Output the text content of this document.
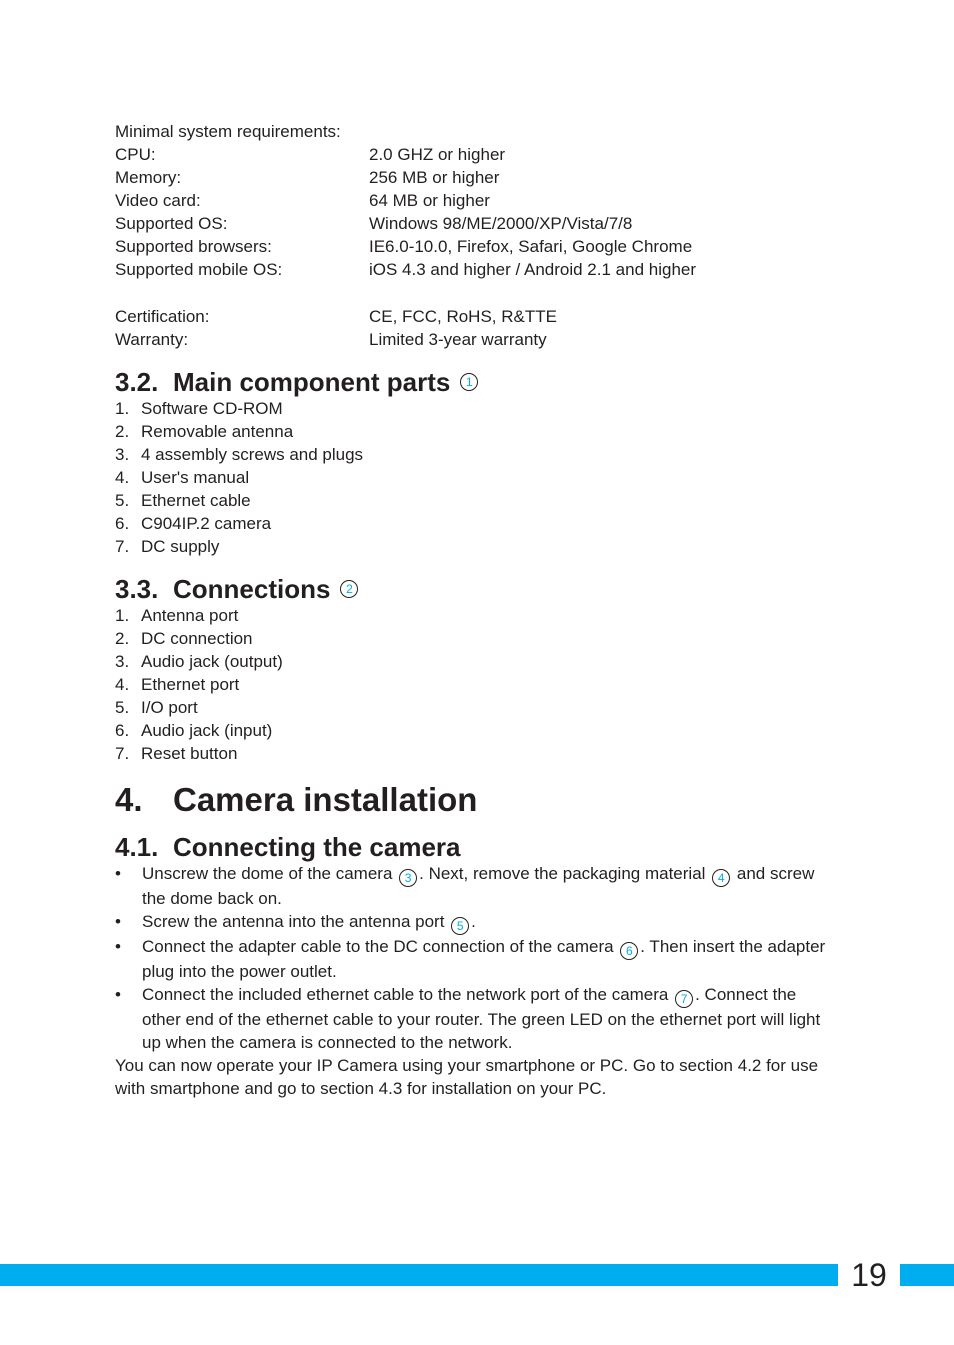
Minimal system requirements:
CPU:	2.0 GHZ or higher
Memory:	256 MB or higher
Video card:	64 MB or higher
Supported OS:	Windows 98/ME/2000/XP/Vista/7/8
Supported browsers:	IE6.0-10.0, Firefox, Safari, Google Chrome
Supported mobile OS:	iOS 4.3 and higher / Android 2.1 and higher
Certification:	CE, FCC, RoHS, R&TTE
Warranty:	Limited 3-year warranty
3.2. Main component parts	1
1. Software CD-ROM
2. Removable antenna
3. 4 assembly screws and plugs
4. User's manual
5. Ethernet cable
6. C904IP.2 camera
7. DC supply
3.3. Connections	2
1. Antenna port
2. DC connection
3. Audio jack (output)
4. Ethernet port
5. I/O port
6. Audio jack (input)
7. Reset button
4. Camera installation
4.1. Connecting the camera
• Unscrew the dome of the camera 3 . Next, remove the packaging material 4 and screw the dome back on.
• Screw the antenna into the antenna port 5 .
• Connect the adapter cable to the DC connection of the camera 6 . Then insert the adapter plug into the power outlet.
• Connect the included ethernet cable to the network port of the camera 7 . Connect the other end of the ethernet cable to your router. The green LED on the ethernet port will light up when the camera is connected to the network.

You can now operate your IP Camera using your smartphone or PC. Go to section 4.2 for use with smartphone and go to section 4.3 for installation on your PC.

19
